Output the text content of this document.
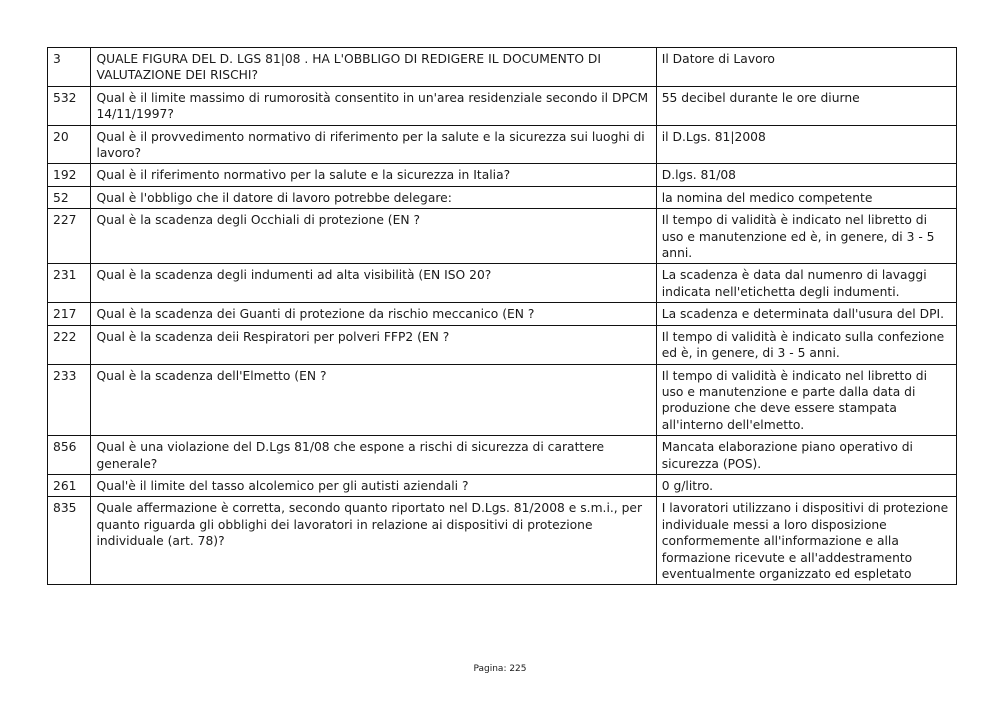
3	QUALE FIGURA DEL D. LGS 81|08 . HA L'OBBLIGO DI REDIGERE IL DOCUMENTO DI VALUTAZIONE DEI RISCHI?	Il Datore di Lavoro
532	Qual è il limite massimo di rumorosità consentito in un'area residenziale secondo il DPCM 14/11/1997?	55 decibel durante le ore diurne
20	Qual è il provvedimento normativo di riferimento per la salute e la sicurezza sui luoghi di lavoro?	il D.Lgs. 81|2008
192	Qual è il riferimento normativo per la salute e la sicurezza in Italia?	D.lgs. 81/08
52	Qual è l'obbligo che il datore di lavoro potrebbe delegare:	la nomina del medico competente
227	Qual è la scadenza degli Occhiali di protezione (EN ?	Il tempo di validità è indicato nel libretto di uso e manutenzione ed è, in genere, di 3 - 5 anni.
231	Qual è la scadenza degli indumenti ad alta visibilità (EN ISO 20?	La scadenza è data dal numenro di lavaggi indicata nell'etichetta degli indumenti.
217	Qual è la scadenza dei Guanti di protezione da rischio meccanico (EN ?	La scadenza e determinata dall'usura del DPI.
222	Qual è la scadenza deii Respiratori per polveri FFP2 (EN ?	Il tempo di validità è indicato sulla confezione ed è, in genere, di 3 - 5 anni.
233	Qual è la scadenza dell'Elmetto (EN ?	Il tempo di validità è indicato nel libretto di uso e manutenzione e parte dalla data di produzione che deve essere stampata all'interno dell'elmetto.
856	Qual è una violazione del D.Lgs 81/08 che espone a rischi di sicurezza di carattere generale?	Mancata elaborazione piano operativo di sicurezza (POS).
261	Qual'è il limite del tasso alcolemico per gli autisti aziendali ?	0 g/litro.
835	Quale affermazione è corretta, secondo quanto riportato nel D.Lgs. 81/2008 e s.m.i., per quanto riguarda gli obblighi dei lavoratori in relazione ai dispositivi di protezione individuale (art. 78)?	I lavoratori utilizzano i dispositivi di protezione individuale messi a loro disposizione conformemente all'informazione e alla formazione ricevute e all'addestramento eventualmente organizzato ed espletato
Pagina: 225
